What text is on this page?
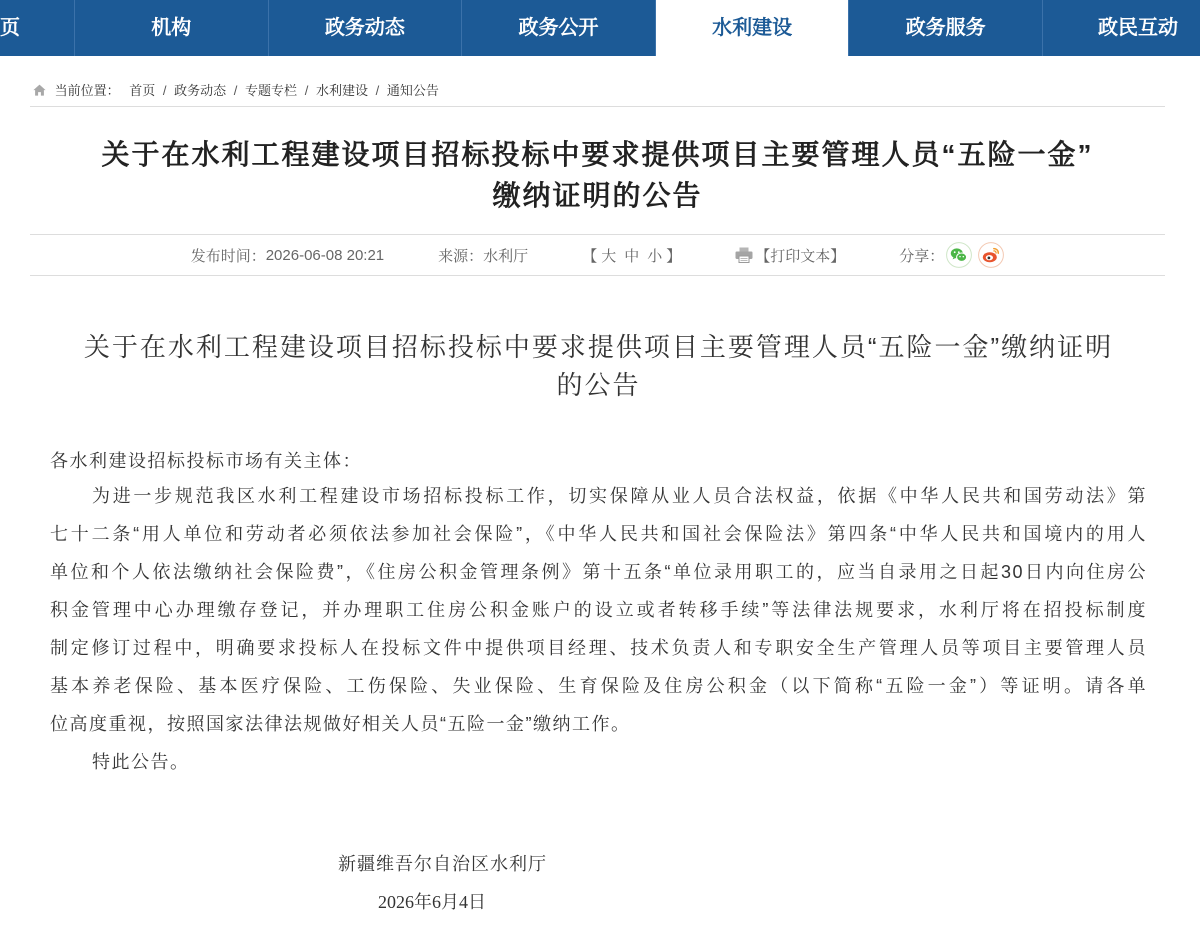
页	机构	政务动态	政务公开	水利建设	政务服务	政民互动
当前位置： 首页 / 政务动态 / 专题专栏 / 水利建设 / 通知公告
关于在水利工程建设项目招标投标中要求提供项目主要管理人员“五险一金”
缴纳证明的公告
发布时间： 2026-06-08 20:21	来源： 水利厅	【 大 中 小 】	【打印文本】	分享：
关于在水利工程建设项目招标投标中要求提供项目主要管理人员“五险一金”缴纳证明
的公告

各水利建设招标投标市场有关主体：

为进一步规范我区水利工程建设市场招标投标工作，切实保障从业人员合法权益，依据《中华人民共和国劳动法》第
七十二条“用人单位和劳动者必须依法参加社会保险”，《中华人民共和国社会保险法》第四条“中华人民共和国境内的用人
单位和个人依法缴纳社会保险费”，《住房公积金管理条例》第十五条“单位录用职工的，应当自录用之日起30日内向住房公
积金管理中心办理缴存登记，并办理职工住房公积金账户的设立或者转移手续”等法律法规要求，水利厅将在招投标制度
制定修订过程中，明确要求投标人在投标文件中提供项目经理、技术负责人和专职安全生产管理人员等项目主要管理人员
基本养老保险、基本医疗保险、工伤保险、失业保险、生育保险及住房公积金（以下简称“五险一金”）等证明。请各单
位高度重视，按照国家法律法规做好相关人员“五险一金”缴纳工作。

特此公告。

新疆维吾尔自治区水利厅

2026年6月4日
